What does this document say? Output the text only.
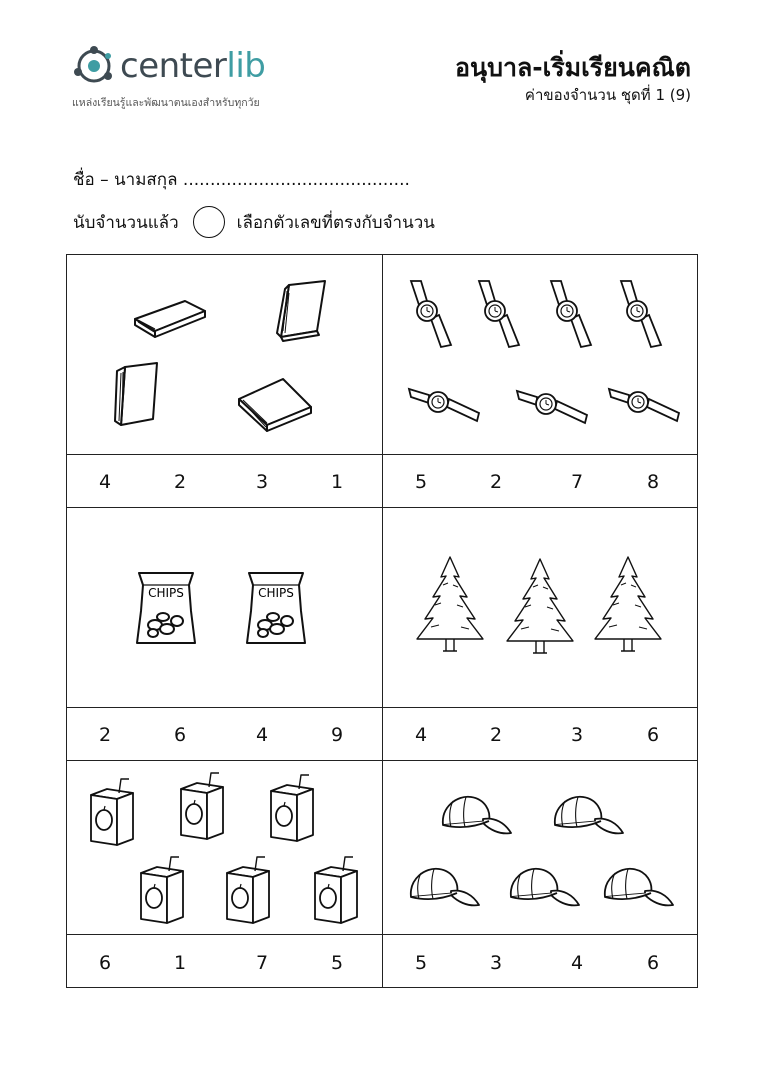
centerlib
แหล่งเรียนรู้และพัฒนาตนเองสำหรับทุกวัย
อนุบาล-เริ่มเรียนคณิต
ค่าของจำนวน ชุดที่ 1 (9)
ชื่อ – นามสกุล ..........................................
นับจำนวนแล้ว	เลือกตัวเลขที่ตรงกับจำนวน
CHIPS	CHIPS
4	2	3	1	5	2	7	8
2	6	4	9	4	2	3	6
6	1	7	5	5	3	4	6
